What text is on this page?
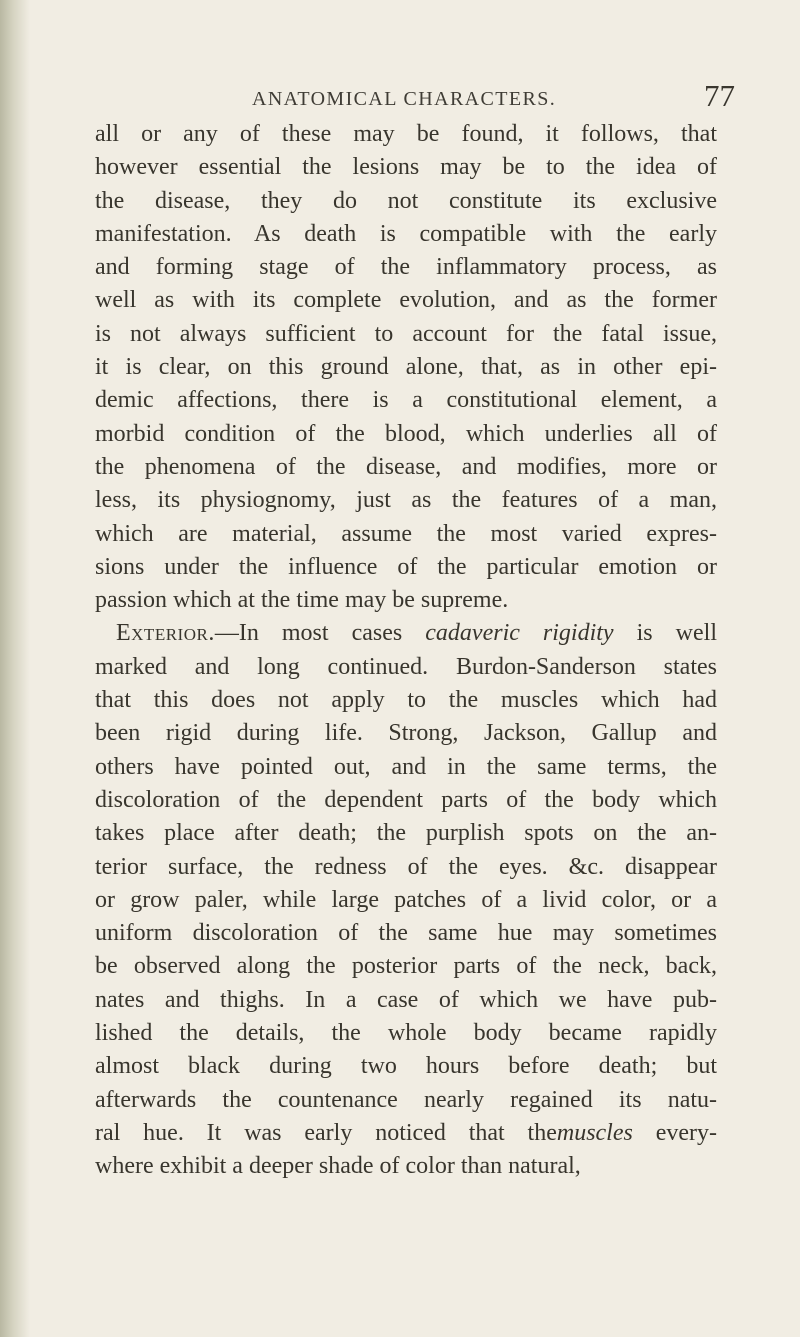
ANATOMICAL CHARACTERS.	77
all or any of these may be found, it follows, that
however essential the lesions may be to the idea of
the disease, they do not constitute its exclusive
manifestation. As death is compatible with the early
and forming stage of the inflammatory process, as
well as with its complete evolution, and as the former
is not always sufficient to account for the fatal issue,
it is clear, on this ground alone, that, as in other epi-
demic affections, there is a constitutional element, a
morbid condition of the blood, which underlies all of
the phenomena of the disease, and modifies, more or
less, its physiognomy, just as the features of a man,
which are material, assume the most varied expres-
sions under the influence of the particular emotion or
passion which at the time may be supreme.
Exterior.—In most cases cadaveric rigidity is well
marked and long continued. Burdon-Sanderson states
that this does not apply to the muscles which had
been rigid during life. Strong, Jackson, Gallup and
others have pointed out, and in the same terms, the
discoloration of the dependent parts of the body which
takes place after death; the purplish spots on the an-
terior surface, the redness of the eyes. &c. disappear
or grow paler, while large patches of a livid color, or a
uniform discoloration of the same hue may sometimes
be observed along the posterior parts of the neck, back,
nates and thighs. In a case of which we have pub-
lished the details, the whole body became rapidly
almost black during two hours before death; but
afterwards the countenance nearly regained its natu-
ral hue. It was early noticed that themuscles every-
where exhibit a deeper shade of color than natural,
